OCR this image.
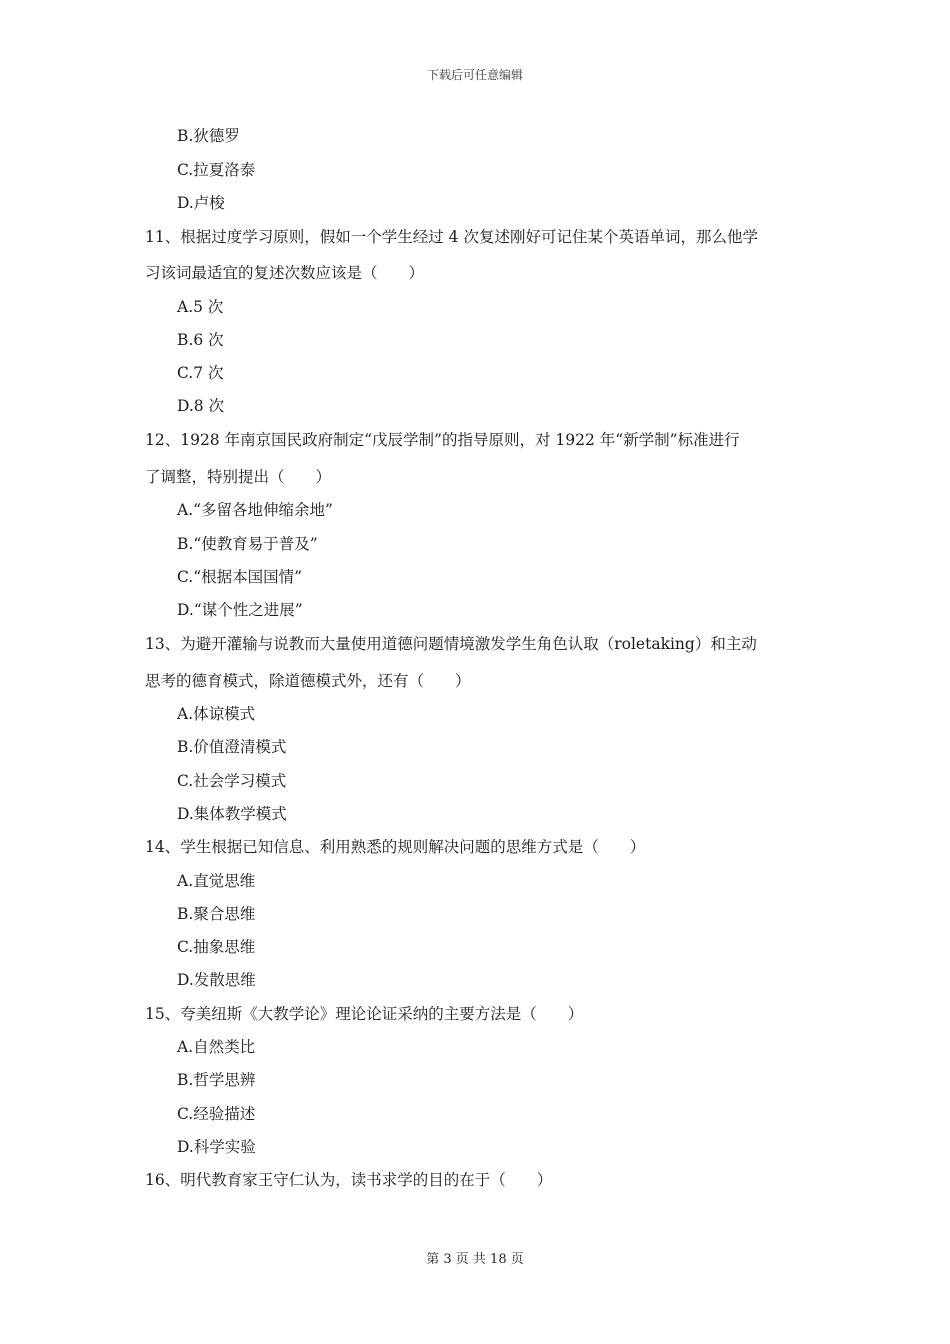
下载后可任意编辑
B.狄德罗
C.拉夏洛泰
D.卢梭
11、根据过度学习原则，假如一个学生经过 4 次复述刚好可记住某个英语单词，那么他学
习该词最适宜的复述次数应该是（　　）
A.5 次
B.6 次
C.7 次
D.8 次
12、1928 年南京国民政府制定“戊辰学制”的指导原则，对 1922 年“新学制”标准进行
了调整，特别提出（　　）
A.“多留各地伸缩余地”
B.“使教育易于普及”
C.“根据本国国情”
D.“谋个性之进展”
13、为避开灌输与说教而大量使用道德问题情境激发学生角色认取（roletaking）和主动
思考的德育模式，除道德模式外，还有（　　）
A.体谅模式
B.价值澄清模式
C.社会学习模式
D.集体教学模式
14、学生根据已知信息、利用熟悉的规则解决问题的思维方式是（　　）
A.直觉思维
B.聚合思维
C.抽象思维
D.发散思维
15、夸美纽斯《大教学论》理论论证采纳的主要方法是（　　）
A.自然类比
B.哲学思辨
C.经验描述
D.科学实验
16、明代教育家王守仁认为，读书求学的目的在于（　　）
第 3 页 共 18 页
